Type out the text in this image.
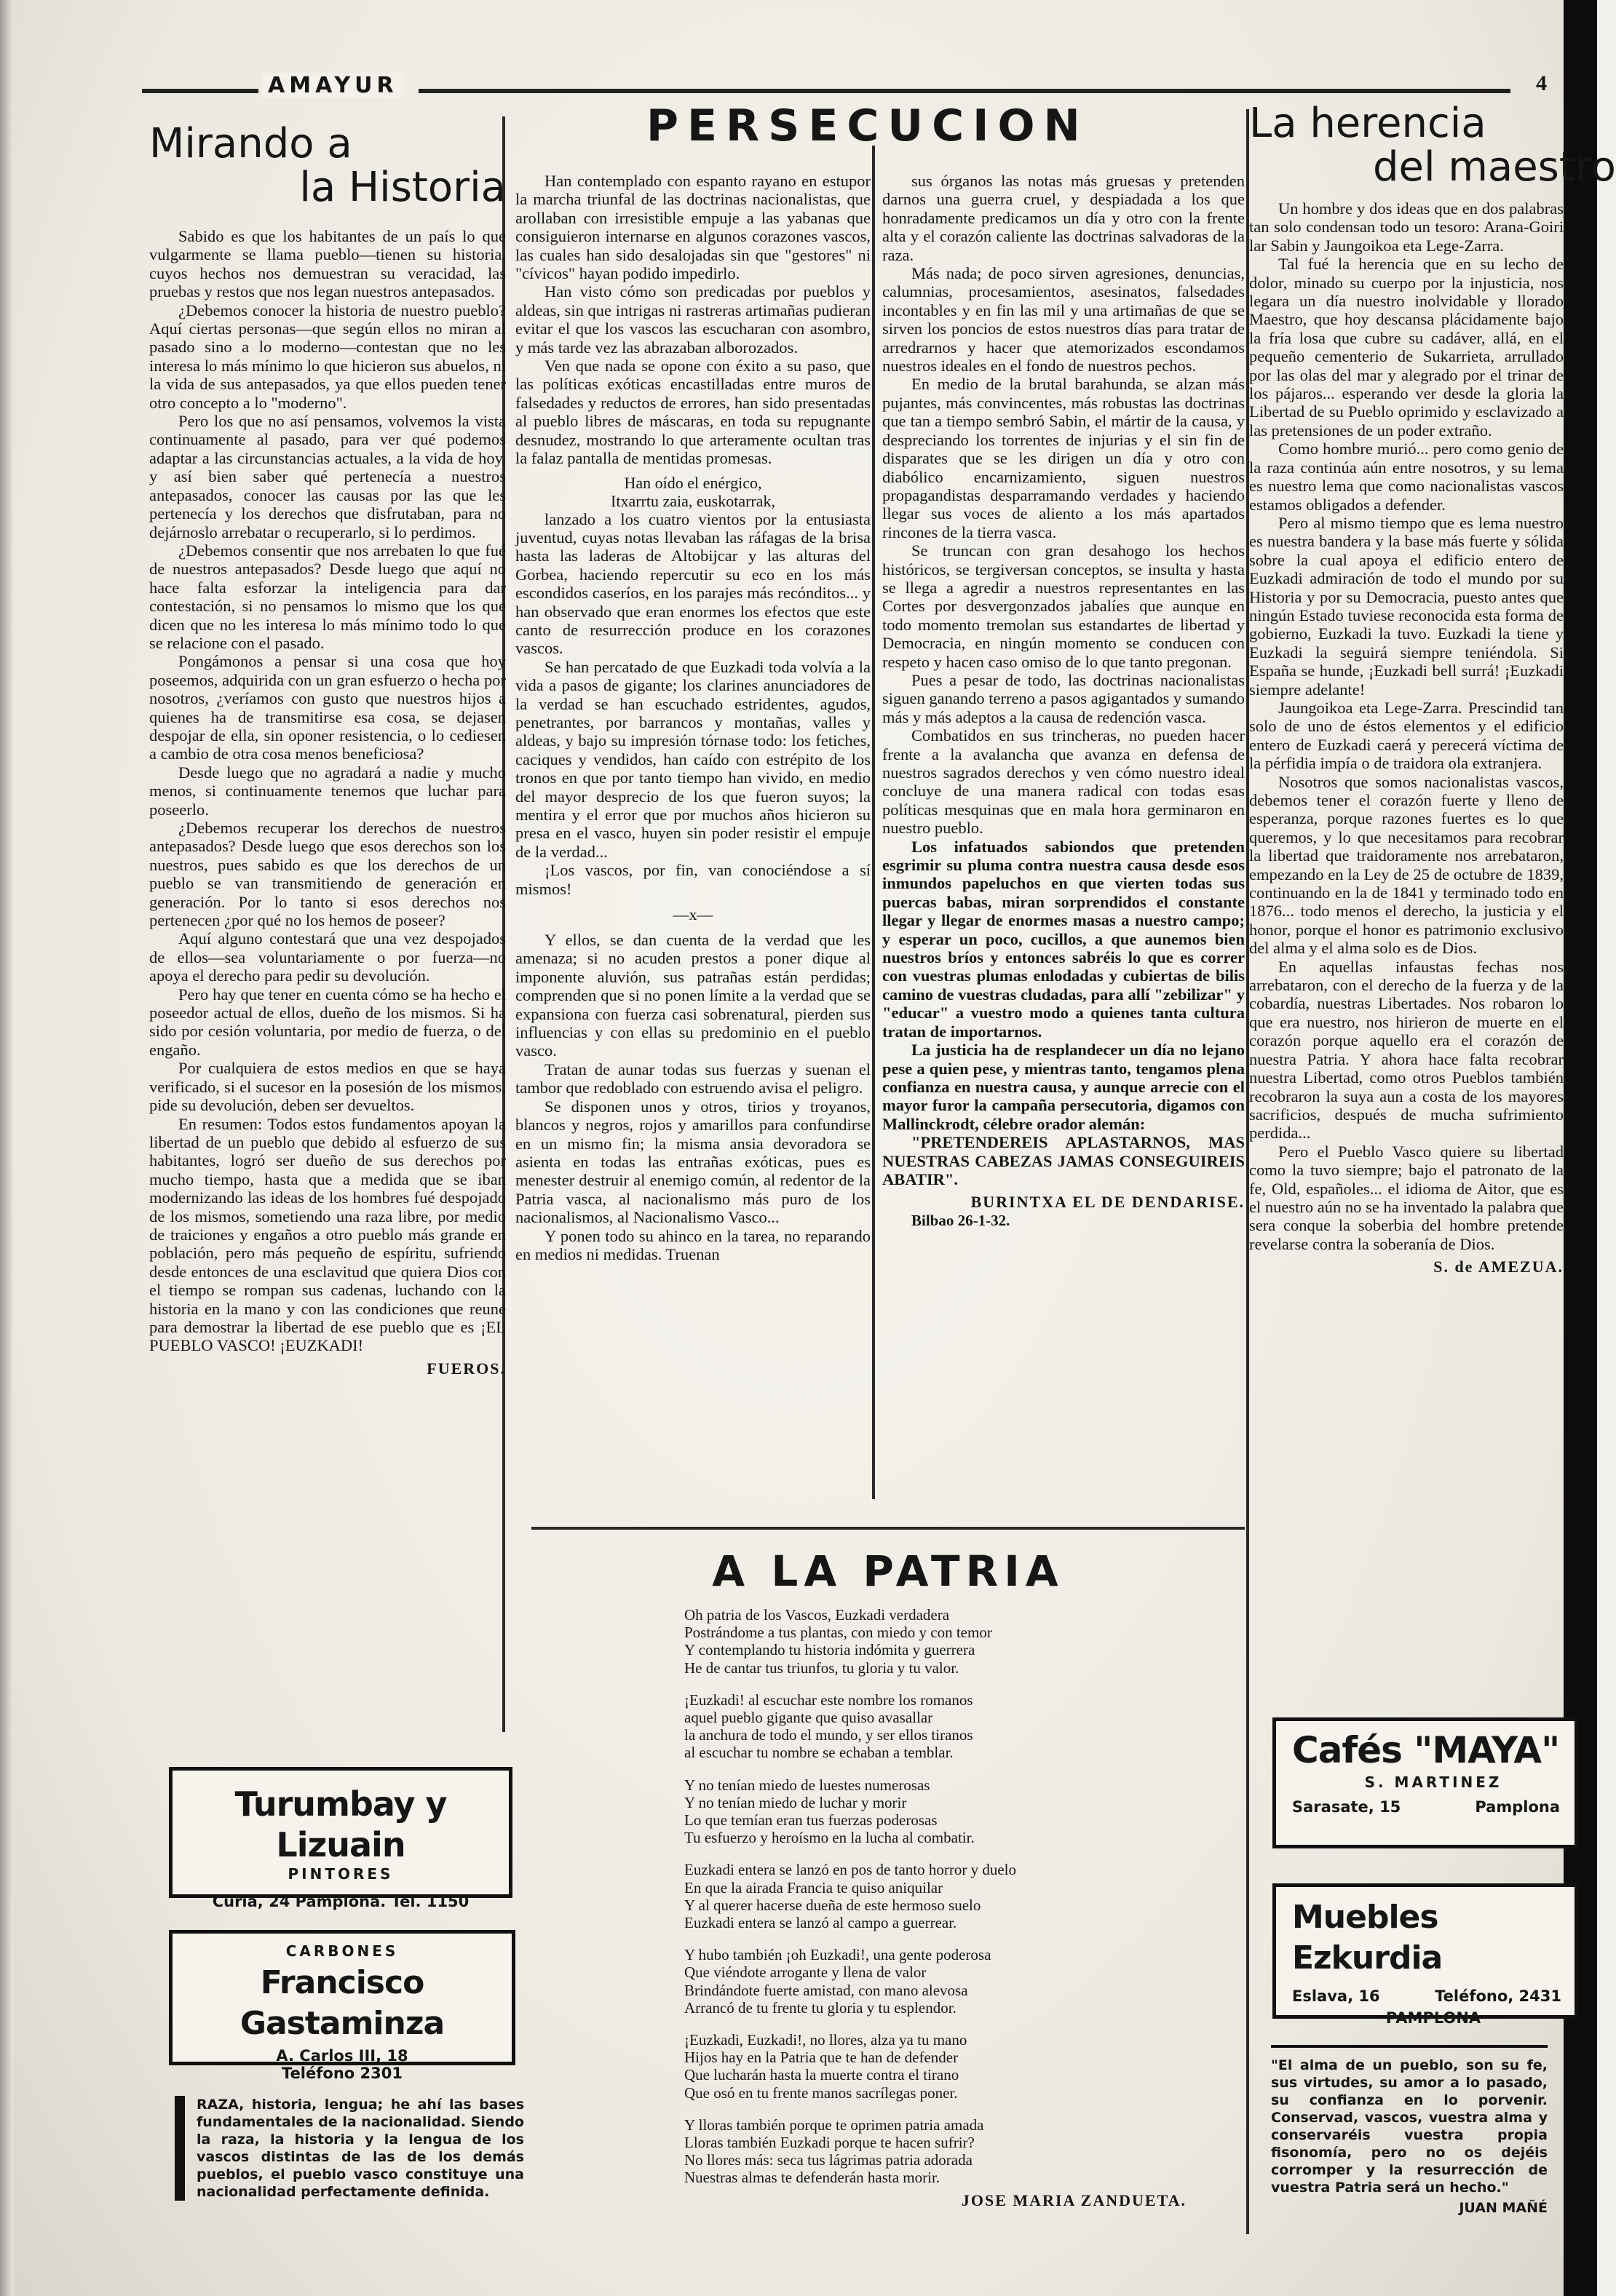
AMAYUR	4
Mirando a
la Historia

Sabido es que los habitantes de un país lo que vulgarmente se llama pueblo—tienen su historia, cuyos hechos nos demuestran su veracidad, las pruebas y restos que nos legan nuestros antepasados.

¿Debemos conocer la historia de nuestro pueblo? Aquí ciertas personas—que según ellos no miran al pasado sino a lo moderno—contestan que no les interesa lo más mínimo lo que hicieron sus abuelos, ni la vida de sus antepasados, ya que ellos pueden tener otro concepto a lo "moderno".

Pero los que no así pensamos, volvemos la vista continuamente al pasado, para ver qué podemos adaptar a las circunstancias actuales, a la vida de hoy, y así bien saber qué pertenecía a nuestros antepasados, conocer las causas por las que les pertenecía y los derechos que disfrutaban, para no dejárnoslo arrebatar o recuperarlo, si lo perdimos.

¿Debemos consentir que nos arrebaten lo que fué de nuestros antepasados? Desde luego que aquí no hace falta esforzar la inteligencia para dar contestación, si no pensamos lo mismo que los que dicen que no les interesa lo más mínimo todo lo que se relacione con el pasado.

Pongámonos a pensar si una cosa que hoy poseemos, adquirida con un gran esfuerzo o hecha por nosotros, ¿veríamos con gusto que nuestros hijos a quienes ha de transmitirse esa cosa, se dejasen despojar de ella, sin oponer resistencia, o lo cediesen a cambio de otra cosa menos beneficiosa?

Desde luego que no agradará a nadie y mucho menos, si continuamente tenemos que luchar para poseerlo.

¿Debemos recuperar los derechos de nuestros antepasados? Desde luego que esos derechos son los nuestros, pues sabido es que los derechos de un pueblo se van transmitiendo de generación en generación. Por lo tanto si esos derechos nos pertenecen ¿por qué no los hemos de poseer?

Aquí alguno contestará que una vez despojados de ellos—sea voluntariamente o por fuerza—no apoya el derecho para pedir su devolución.

Pero hay que tener en cuenta cómo se ha hecho el poseedor actual de ellos, dueño de los mismos. Si ha sido por cesión voluntaria, por medio de fuerza, o del engaño.

Por cualquiera de estos medios en que se haya verificado, si el sucesor en la posesión de los mismos, pide su devolución, deben ser devueltos.

En resumen: Todos estos fundamentos apoyan la libertad de un pueblo que debido al esfuerzo de sus habitantes, logró ser dueño de sus derechos por mucho tiempo, hasta que a medida que se iban modernizando las ideas de los hombres fué despojado de los mismos, sometiendo una raza libre, por medio de traiciones y engaños a otro pueblo más grande en población, pero más pequeño de espíritu, sufriendo desde entonces de una esclavitud que quiera Dios con el tiempo se rompan sus cadenas, luchando con la historia en la mano y con las condiciones que reune para demostrar la libertad de ese pueblo que es ¡EL PUEBLO VASCO! ¡EUZKADI!

FUEROS.
PERSECUCION

Han contemplado con espanto rayano en estupor la marcha triunfal de las doctrinas nacionalistas, que arollaban con irresistible empuje a las yabanas que consiguieron internarse en algunos corazones vascos, las cuales han sido desalojadas sin que "gestores" ni "cívicos" hayan podido impedirlo.

Han visto cómo son predicadas por pueblos y aldeas, sin que intrigas ni rastreras artimañas pudieran evitar el que los vascos las escucharan con asombro, y más tarde vez las abrazaban alborozados.

Ven que nada se opone con éxito a su paso, que las políticas exóticas encastilladas entre muros de falsedades y reductos de errores, han sido presentadas al pueblo libres de máscaras, en toda su repugnante desnudez, mostrando lo que arteramente ocultan tras la falaz pantalla de mentidas promesas.

Han oído el enérgico,
Itxarrtu zaia, euskotarrak,

lanzado a los cuatro vientos por la entusiasta juventud, cuyas notas llevaban las ráfagas de la brisa hasta las laderas de Altobijcar y las alturas del Gorbea, haciendo repercutir su eco en los más escondidos caseríos, en los parajes más recónditos... y han observado que eran enormes los efectos que este canto de resurrección produce en los corazones vascos.

Se han percatado de que Euzkadi toda volvía a la vida a pasos de gigante; los clarines anunciadores de la verdad se han escuchado estridentes, agudos, penetrantes, por barrancos y montañas, valles y aldeas, y bajo su impresión tórnase todo: los fetiches, caciques y vendidos, han caído con estrépito de los tronos en que por tanto tiempo han vivido, en medio del mayor desprecio de los que fueron suyos; la mentira y el error que por muchos años hicieron su presa en el vasco, huyen sin poder resistir el empuje de la verdad...

¡Los vascos, por fin, van conociéndose a sí mismos!

—x—

Y ellos, se dan cuenta de la verdad que les amenaza; si no acuden prestos a poner dique al imponente aluvión, sus patrañas están perdidas; comprenden que si no ponen límite a la verdad que se expansiona con fuerza casi sobrenatural, pierden sus influencias y con ellas su predominio en el pueblo vasco.

Tratan de aunar todas sus fuerzas y suenan el tambor que redoblado con estruendo avisa el peligro.

Se disponen unos y otros, tirios y troyanos, blancos y negros, rojos y amarillos para confundirse en un mismo fin; la misma ansia devoradora se asienta en todas las entrañas exóticas, pues es menester destruir al enemigo común, al redentor de la Patria vasca, al nacionalismo más puro de los nacionalismos, al Nacionalismo Vasco...

Y ponen todo su ahinco en la tarea, no reparando en medios ni medidas. Truenan

sus órganos las notas más gruesas y pretenden darnos una guerra cruel, y despiadada a los que honradamente predicamos un día y otro con la frente alta y el corazón caliente las doctrinas salvadoras de la raza.

Más nada; de poco sirven agresiones, denuncias, calumnias, procesamientos, asesinatos, falsedades incontables y en fin las mil y una artimañas de que se sirven los poncios de estos nuestros días para tratar de arredrarnos y hacer que atemorizados escondamos nuestros ideales en el fondo de nuestros pechos.

En medio de la brutal barahunda, se alzan más pujantes, más convincentes, más robustas las doctrinas que tan a tiempo sembró Sabin, el mártir de la causa, y despreciando los torrentes de injurias y el sin fin de disparates que se les dirigen un día y otro con diabólico encarnizamiento, siguen nuestros propagandistas desparramando verdades y haciendo llegar sus voces de aliento a los más apartados rincones de la tierra vasca.

Se truncan con gran desahogo los hechos históricos, se tergiversan conceptos, se insulta y hasta se llega a agredir a nuestros representantes en las Cortes por desvergonzados jabalíes que aunque en todo momento tremolan sus estandartes de libertad y Democracia, en ningún momento se conducen con respeto y hacen caso omiso de lo que tanto pregonan.

Pues a pesar de todo, las doctrinas nacionalistas siguen ganando terreno a pasos agigantados y sumando más y más adeptos a la causa de redención vasca.

Combatidos en sus trincheras, no pueden hacer frente a la avalancha que avanza en defensa de nuestros sagrados derechos y ven cómo nuestro ideal concluye de una manera radical con todas esas políticas mesquinas que en mala hora germinaron en nuestro pueblo.

Los infatuados sabiondos que pretenden esgrimir su pluma contra nuestra causa desde esos inmundos papeluchos en que vierten todas sus puercas babas, miran sorprendidos el constante llegar y llegar de enormes masas a nuestro campo; y esperar un poco, cucillos, a que aunemos bien nuestros bríos y entonces sabréis lo que es correr con vuestras plumas enlodadas y cubiertas de bilis camino de vuestras cludadas, para allí "zebilizar" y "educar" a vuestro modo a quienes tanta cultura tratan de importarnos.

La justicia ha de resplandecer un día no lejano pese a quien pese, y mientras tanto, tengamos plena confianza en nuestra causa, y aunque arrecie con el mayor furor la campaña persecutoria, digamos con Mallinckrodt, célebre orador alemán:

"PRETENDEREIS APLASTARNOS, MAS NUESTRAS CABEZAS JAMAS CONSEGUIREIS ABATIR".

BURINTXA EL DE DENDARISE.
Bilbao 26-1-32.
La herencia
del maestro

Un hombre y dos ideas que en dos palabras tan solo condensan todo un tesoro: Arana-Goiri lar Sabin y Jaungoikoa eta Lege-Zarra.

Tal fué la herencia que en su lecho de dolor, minado su cuerpo por la injusticia, nos legara un día nuestro inolvidable y llorado Maestro, que hoy descansa plácidamente bajo la fría losa que cubre su cadáver, allá, en el pequeño cementerio de Sukarrieta, arrullado por las olas del mar y alegrado por el trinar de los pájaros... esperando ver desde la gloria la Libertad de su Pueblo oprimido y esclavizado a las pretensiones de un poder extraño.

Como hombre murió... pero como genio de la raza continúa aún entre nosotros, y su lema es nuestro lema que como nacionalistas vascos estamos obligados a defender.

Pero al mismo tiempo que es lema nuestro es nuestra bandera y la base más fuerte y sólida sobre la cual apoya el edificio entero de Euzkadi admiración de todo el mundo por su Historia y por su Democracia, puesto antes que ningún Estado tuviese reconocida esta forma de gobierno, Euzkadi la tuvo. Euzkadi la tiene y Euzkadi la seguirá siempre teniéndola. Si España se hunde, ¡Euzkadi bell surrá! ¡Euzkadi siempre adelante!

Jaungoikoa eta Lege-Zarra. Prescindid tan solo de uno de éstos elementos y el edificio entero de Euzkadi caerá y perecerá víctima de la pérfidia impía o de traidora ola extranjera.

Nosotros que somos nacionalistas vascos, debemos tener el corazón fuerte y lleno de esperanza, porque razones fuertes es lo que queremos, y lo que necesitamos para recobrar la libertad que traidoramente nos arrebataron, empezando en la Ley de 25 de octubre de 1839, continuando en la de 1841 y terminado todo en 1876... todo menos el derecho, la justicia y el honor, porque el honor es patrimonio exclusivo del alma y el alma solo es de Dios.

En aquellas infaustas fechas nos arrebataron, con el derecho de la fuerza y de la cobardía, nuestras Libertades. Nos robaron lo que era nuestro, nos hirieron de muerte en el corazón porque aquello era el corazón de nuestra Patria. Y ahora hace falta recobrar nuestra Libertad, como otros Pueblos también recobraron la suya aun a costa de los mayores sacrificios, después de mucha sufrimiento perdida...

Pero el Pueblo Vasco quiere su libertad como la tuvo siempre; bajo el patronato de la fe, Old, españoles... el idioma de Aitor, que es el nuestro aún no se ha inventado la palabra que sera conque la soberbia del hombre pretende revelarse contra la soberanía de Dios.

S. de AMEZUA.
A LA PATRIA
Oh patria de los Vascos, Euzkadi verdadera
Postrándome a tus plantas, con miedo y con temor
Y contemplando tu historia indómita y guerrera
He de cantar tus triunfos, tu gloria y tu valor.
¡Euzkadi! al escuchar este nombre los romanos
aquel pueblo gigante que quiso avasallar
la anchura de todo el mundo, y ser ellos tiranos
al escuchar tu nombre se echaban a temblar.
Y no tenían miedo de luestes numerosas
Y no tenían miedo de luchar y morir
Lo que temían eran tus fuerzas poderosas
Tu esfuerzo y heroísmo en la lucha al combatir.
Euzkadi entera se lanzó en pos de tanto horror y duelo
En que la airada Francia te quiso aniquilar
Y al querer hacerse dueña de este hermoso suelo
Euzkadi entera se lanzó al campo a guerrear.
Y hubo también ¡oh Euzkadi!, una gente poderosa
Que viéndote arrogante y llena de valor
Brindándote fuerte amistad, con mano alevosa
Arrancó de tu frente tu gloria y tu esplendor.
¡Euzkadi, Euzkadi!, no llores, alza ya tu mano
Hijos hay en la Patria que te han de defender
Que lucharán hasta la muerte contra el tirano
Que osó en tu frente manos sacrílegas poner.
Y lloras también porque te oprimen patria amada
Lloras también Euzkadi porque te hacen sufrir?
No llores más: seca tus lágrimas patria adorada
Nuestras almas te defenderán hasta morir.
JOSE MARIA ZANDUETA.
Turumbay y Lizuain
PINTORES
Curia, 24 Pamplona. Tel. 1150
CARBONES
Francisco Gastaminza
A. Carlos III, 18
Teléfono 2301
RAZA, historia, lengua; he ahí las bases fundamentales de la nacionalidad. Siendo la raza, la historia y la lengua de los vascos distintas de las de los demás pueblos, el pueblo vasco constituye una nacionalidad perfectamente definida.
Cafés "MAYA"
S. MARTINEZ
Sarasate, 15	Pamplona
Muebles Ezkurdia
Eslava, 16	Teléfono, 2431
PAMPLONA
"El alma de un pueblo, son su fe, sus virtudes, su amor a lo pasado, su confianza en lo porvenir. Conservad, vascos, vuestra alma y conservaréis vuestra propia fisonomía, pero no os dejéis corromper y la resurrección de vuestra Patria será un hecho."
JUAN MAÑÉ
